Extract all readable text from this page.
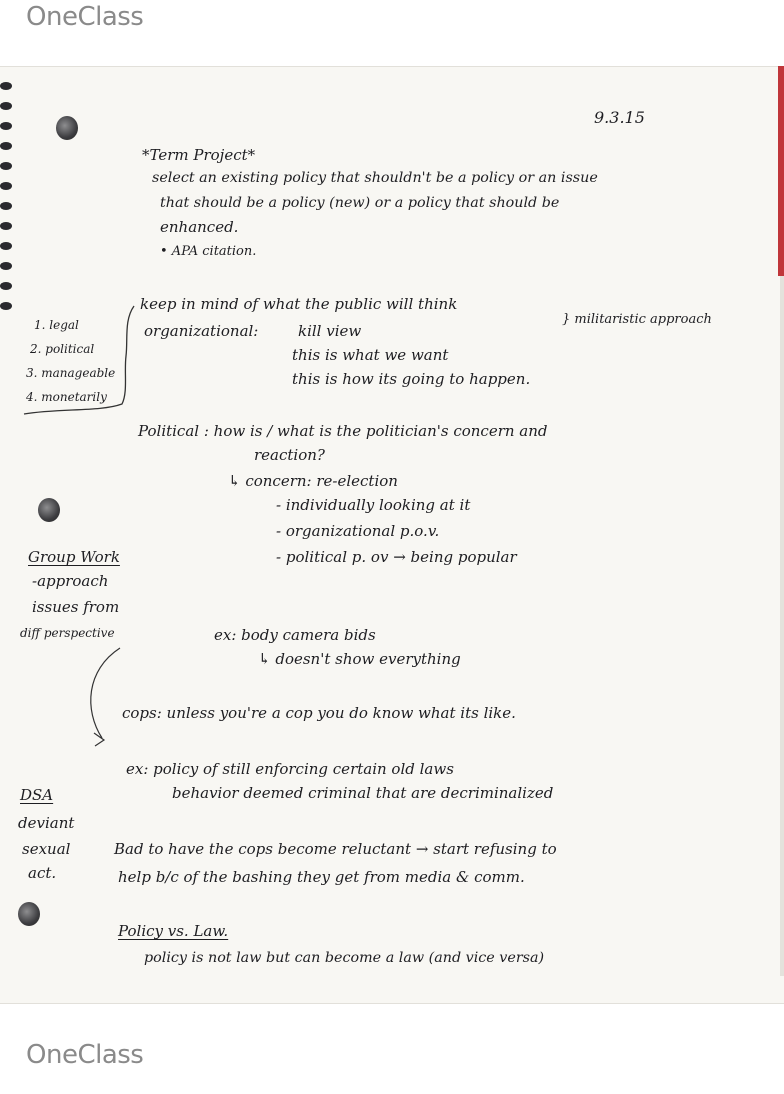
OneClass
9.3.15
*Term Project*
select an existing policy that shouldn't be a policy or an issue
that should be a policy (new) or a policy that should be
enhanced.
• APA citation.
keep in mind of what the public will think
organizational:	kill view
this is what we want
this is how its going to happen.
} militaristic approach
Political : how is / what is the politician's concern and
reaction?
↳ concern: re-election
- individually looking at it
- organizational p.o.v.
- political p. ov → being popular
ex: body camera bids
↳ doesn't show everything
cops: unless you're a cop you do know what its like.
ex: policy of still enforcing certain old laws
behavior deemed criminal that are decriminalized
Bad to have the cops become reluctant → start refusing to
help b/c of the bashing they get from media & comm.
Policy vs. Law.
policy is not law but can become a law (and vice versa)
1. legal
2. political
3. manageable
4. monetarily
Group Work
-approach
issues from
diff perspective
DSA
deviant
sexual
act.
OneClass
